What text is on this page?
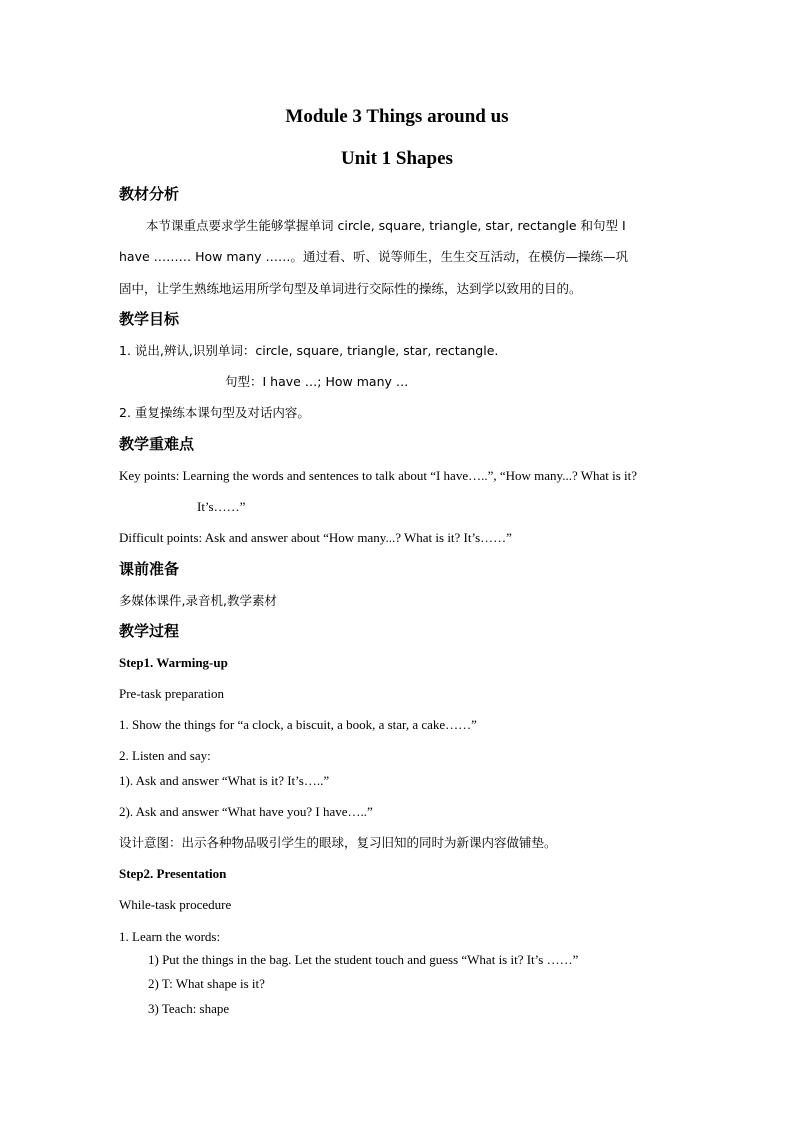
Module 3 Things around us
Unit 1 Shapes
教材分析
本节课重点要求学生能够掌握单词 circle, square, triangle, star, rectangle 和句型 I
have ……… How many ……。通过看、听、说等师生，生生交互活动，在模仿—操练—巩
固中，让学生熟练地运用所学句型及单词进行交际性的操练，达到学以致用的目的。
教学目标
1. 说出,辨认,识别单词：circle, square, triangle, star, rectangle.
句型：I have …; How many …
2. 重复操练本课句型及对话内容。
教学重难点
Key points: Learning the words and sentences to talk about “I have…..”, “How many...? What is it?
It’s……”
Difficult points: Ask and answer about “How many...? What is it? It’s……”
课前准备
多媒体课件,录音机,教学素材
教学过程
Step1. Warming-up
Pre-task preparation
1. Show the things for “a clock, a biscuit, a book, a star, a cake……”
2. Listen and say:
1). Ask and answer “What is it? It’s…..”
2). Ask and answer “What have you? I have…..”
设计意图：出示各种物品吸引学生的眼球，复习旧知的同时为新课内容做铺垫。
Step2. Presentation
While-task procedure
1. Learn the words:
1) Put the things in the bag. Let the student touch and guess “What is it? It’s ……”
2) T: What shape is it?
3) Teach: shape
